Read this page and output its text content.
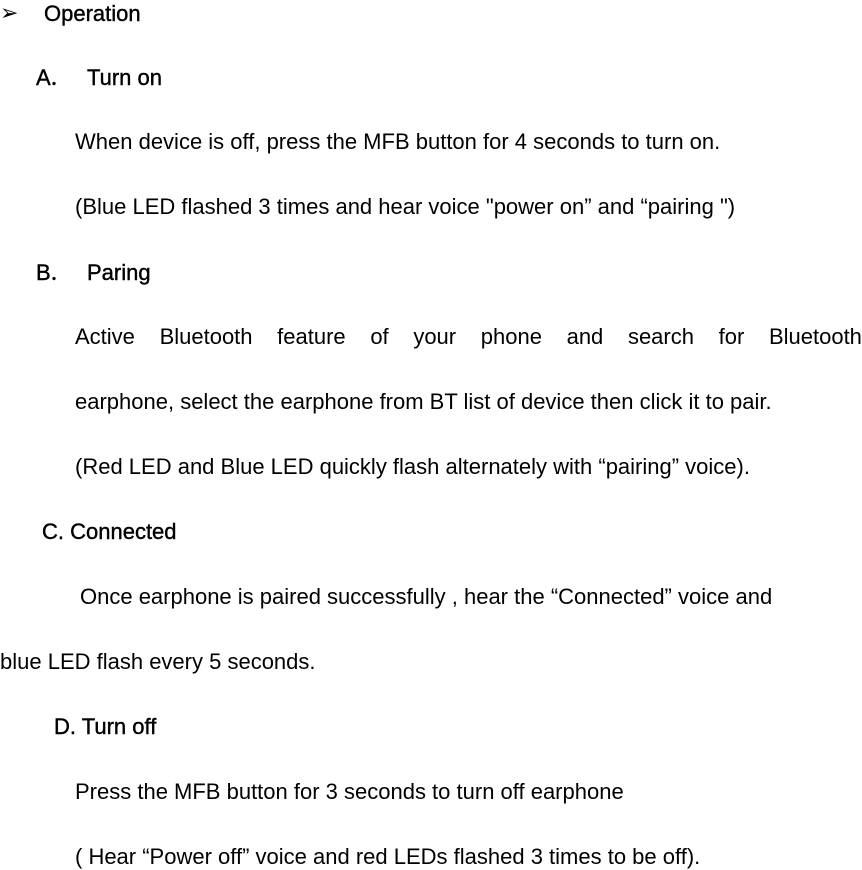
➢ Operation
A． Turn on
When device is off, press the MFB button for 4 seconds to turn on.
(Blue LED flashed 3 times and hear voice "power on” and “pairing ")
B． Paring
Active Bluetooth feature of your phone and search for Bluetooth
earphone, select the earphone from BT list of device then click it to pair.
(Red LED and Blue LED quickly flash alternately with “pairing” voice).
C. Connected
Once earphone is paired successfully , hear the “Connected” voice and
blue LED flash every 5 seconds.
D. Turn off
Press the MFB button for 3 seconds to turn off earphone
( Hear “Power off” voice and red LEDs flashed 3 times to be off).
